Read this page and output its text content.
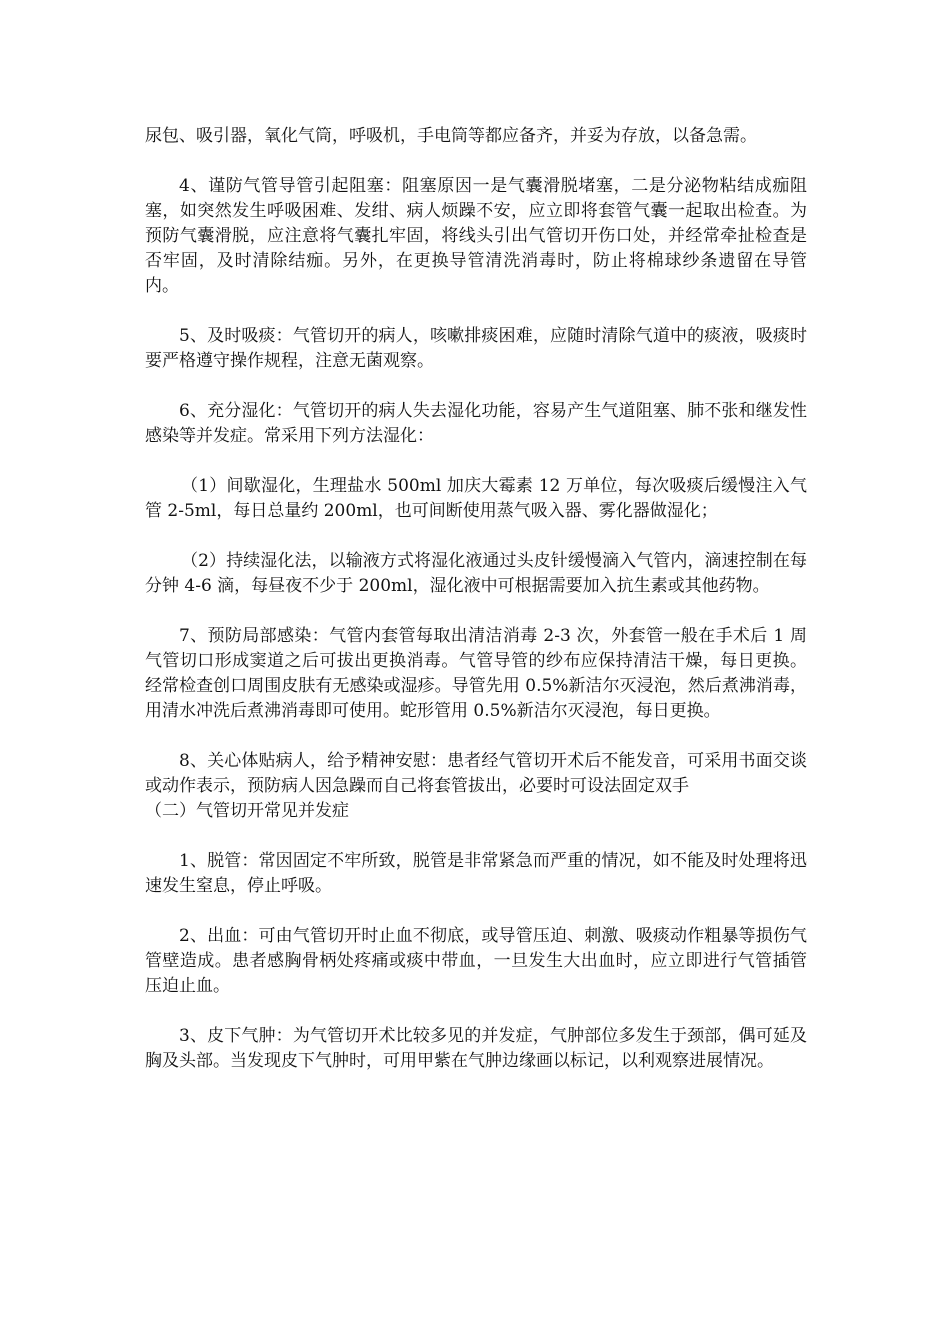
尿包、吸引器，氧化气筒，呼吸机，手电筒等都应备齐，并妥为存放，以备急需。

4、谨防气管导管引起阻塞：阻塞原因一是气囊滑脱堵塞，二是分泌物粘结成痂阻塞，如突然发生呼吸困难、发绀、病人烦躁不安，应立即将套管气囊一起取出检查。为预防气囊滑脱，应注意将气囊扎牢固，将线头引出气管切开伤口处，并经常牵扯检查是否牢固，及时清除结痂。另外，在更换导管清洗消毒时，防止将棉球纱条遗留在导管内。

5、及时吸痰：气管切开的病人，咳嗽排痰困难，应随时清除气道中的痰液，吸痰时要严格遵守操作规程，注意无菌观察。

6、充分湿化：气管切开的病人失去湿化功能，容易产生气道阻塞、肺不张和继发性感染等并发症。常采用下列方法湿化：

（1）间歇湿化，生理盐水 500ml 加庆大霉素 12 万单位，每次吸痰后缓慢注入气管 2-5ml，每日总量约 200ml，也可间断使用蒸气吸入器、雾化器做湿化；

（2）持续湿化法，以输液方式将湿化液通过头皮针缓慢滴入气管内，滴速控制在每分钟 4-6 滴，每昼夜不少于 200ml，湿化液中可根据需要加入抗生素或其他药物。

7、预防局部感染：气管内套管每取出清洁消毒 2-3 次，外套管一般在手术后 1 周气管切口形成窦道之后可拔出更换消毒。气管导管的纱布应保持清洁干燥，每日更换。经常检查创口周围皮肤有无感染或湿疹。导管先用 0.5%新洁尔灭浸泡，然后煮沸消毒，用清水冲洗后煮沸消毒即可使用。蛇形管用 0.5%新洁尔灭浸泡，每日更换。

8、关心体贴病人，给予精神安慰：患者经气管切开术后不能发音，可采用书面交谈或动作表示，预防病人因急躁而自己将套管拔出，必要时可设法固定双手

（二）气管切开常见并发症

1、脱管：常因固定不牢所致，脱管是非常紧急而严重的情况，如不能及时处理将迅速发生窒息，停止呼吸。

2、出血：可由气管切开时止血不彻底，或导管压迫、刺激、吸痰动作粗暴等损伤气管壁造成。患者感胸骨柄处疼痛或痰中带血，一旦发生大出血时，应立即进行气管插管压迫止血。

3、皮下气肿：为气管切开术比较多见的并发症，气肿部位多发生于颈部，偶可延及胸及头部。当发现皮下气肿时，可用甲紫在气肿边缘画以标记，以利观察进展情况。
